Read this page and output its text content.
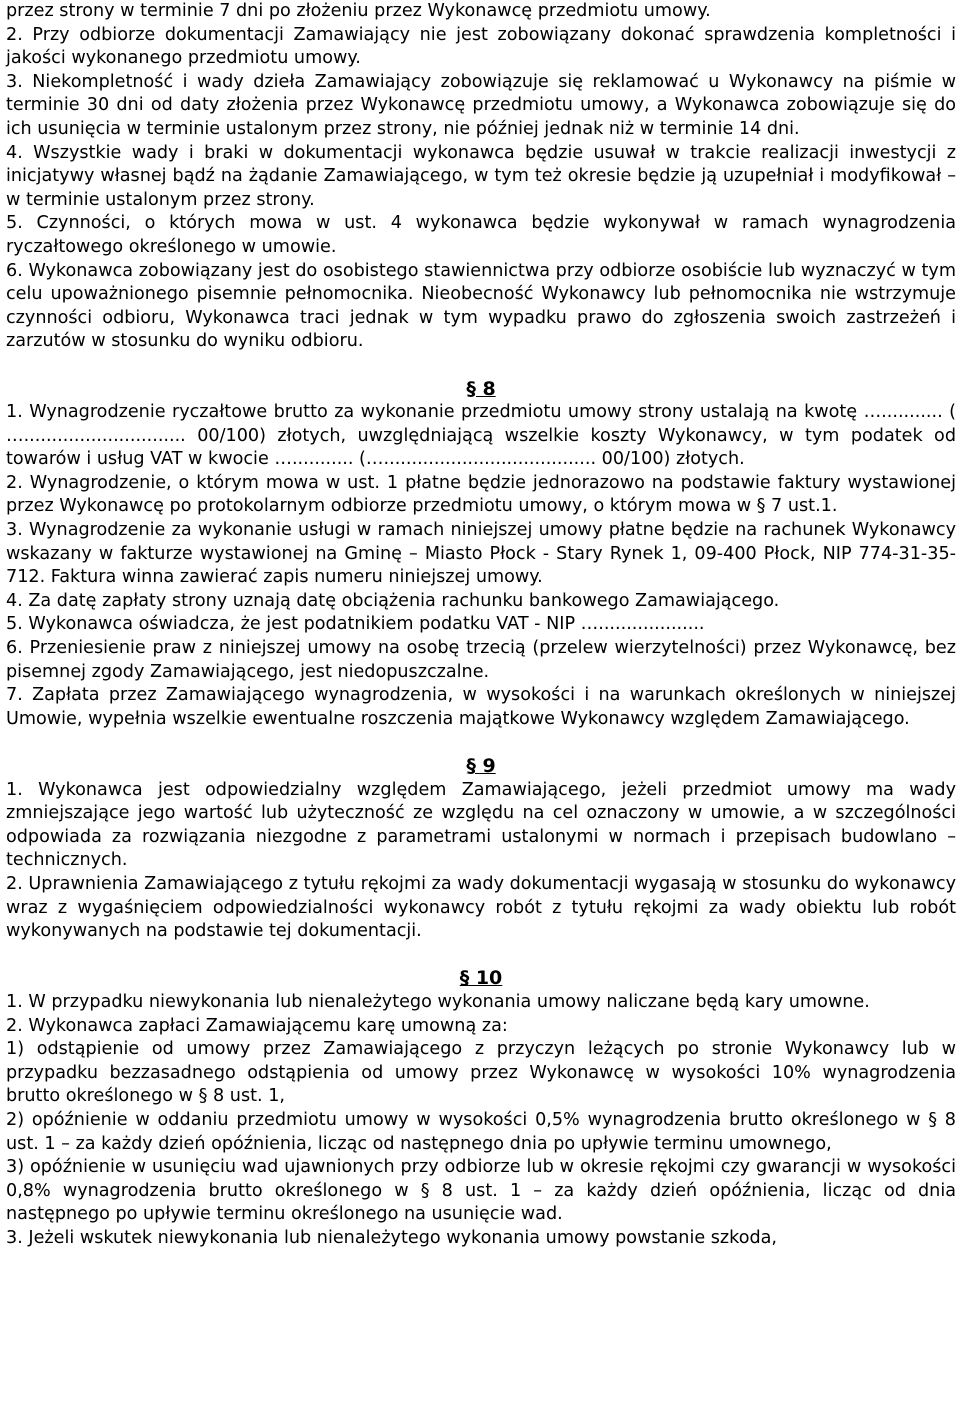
przez strony w terminie 7 dni po złożeniu przez Wykonawcę przedmiotu umowy.

2. Przy odbiorze dokumentacji Zamawiający nie jest zobowiązany dokonać sprawdzenia kompletności i jakości wykonanego przedmiotu umowy.

3. Niekompletność i wady dzieła Zamawiający zobowiązuje się reklamować u Wykonawcy na piśmie w terminie 30 dni od daty złożenia przez Wykonawcę przedmiotu umowy, a Wykonawca zobowiązuje się do ich usunięcia w terminie ustalonym przez strony, nie później jednak niż w terminie 14 dni.

4. Wszystkie wady i braki w dokumentacji wykonawca będzie usuwał w trakcie realizacji inwestycji z inicjatywy własnej bądź na żądanie Zamawiającego, w tym też okresie będzie ją uzupełniał i modyfikował – w terminie ustalonym przez strony.

5. Czynności, o których mowa w ust. 4 wykonawca będzie wykonywał w ramach wynagrodzenia ryczałtowego określonego w umowie.

6. Wykonawca zobowiązany jest do osobistego stawiennictwa przy odbiorze osobiście lub wyznaczyć w tym celu upoważnionego pisemnie pełnomocnika. Nieobecność Wykonawcy lub pełnomocnika nie wstrzymuje czynności odbioru, Wykonawca traci jednak w tym wypadku prawo do zgłoszenia swoich zastrzeżeń i zarzutów w stosunku do wyniku odbioru.

§ 8

1. Wynagrodzenie ryczałtowe brutto za wykonanie przedmiotu umowy strony ustalają na kwotę …........... ( …............................. 00/100) złotych, uwzględniającą wszelkie koszty Wykonawcy, w tym podatek od towarów i usług VAT w kwocie …........... (…...................................... 00/100) złotych.

2. Wynagrodzenie, o którym mowa w ust. 1 płatne będzie jednorazowo na podstawie faktury wystawionej przez Wykonawcę po protokolarnym odbiorze przedmiotu umowy, o którym mowa w § 7 ust.1.

3. Wynagrodzenie za wykonanie usługi w ramach niniejszej umowy płatne będzie na rachunek Wykonawcy wskazany w fakturze wystawionej na Gminę – Miasto Płock - Stary Rynek 1, 09-400 Płock, NIP 774-31-35-712. Faktura winna zawierać zapis numeru niniejszej umowy.

4. Za datę zapłaty strony uznają datę obciążenia rachunku bankowego Zamawiającego.

5. Wykonawca oświadcza, że jest podatnikiem podatku VAT - NIP …...................

6. Przeniesienie praw z niniejszej umowy na osobę trzecią (przelew wierzytelności) przez Wykonawcę, bez pisemnej zgody Zamawiającego, jest niedopuszczalne.

7. Zapłata przez Zamawiającego wynagrodzenia, w wysokości i na warunkach określonych w niniejszej Umowie, wypełnia wszelkie ewentualne roszczenia majątkowe Wykonawcy względem Zamawiającego.

§ 9

1. Wykonawca jest odpowiedzialny względem Zamawiającego, jeżeli przedmiot umowy ma wady zmniejszające jego wartość lub użyteczność ze względu na cel oznaczony w umowie, a w szczególności odpowiada za rozwiązania niezgodne z parametrami ustalonymi w normach i przepisach budowlano – technicznych.

2. Uprawnienia Zamawiającego z tytułu rękojmi za wady dokumentacji wygasają w stosunku do wykonawcy wraz z wygaśnięciem odpowiedzialności wykonawcy robót z tytułu rękojmi za wady obiektu lub robót wykonywanych na podstawie tej dokumentacji.

§ 10

1. W przypadku niewykonania lub nienależytego wykonania umowy naliczane będą kary umowne.

2. Wykonawca zapłaci Zamawiającemu karę umowną za:

1) odstąpienie od umowy przez Zamawiającego z przyczyn leżących po stronie Wykonawcy lub w przypadku bezzasadnego odstąpienia od umowy przez Wykonawcę w wysokości 10% wynagrodzenia brutto określonego w § 8 ust. 1,

2) opóźnienie w oddaniu przedmiotu umowy w wysokości 0,5% wynagrodzenia brutto określonego w § 8 ust. 1 – za każdy dzień opóźnienia, licząc od następnego dnia po upływie terminu umownego,

3) opóźnienie w usunięciu wad ujawnionych przy odbiorze lub w okresie rękojmi czy gwarancji w wysokości 0,8% wynagrodzenia brutto określonego w § 8 ust. 1 – za każdy dzień opóźnienia, licząc od dnia następnego po upływie terminu określonego na usunięcie wad.

3. Jeżeli wskutek niewykonania lub nienależytego wykonania umowy powstanie szkoda,
